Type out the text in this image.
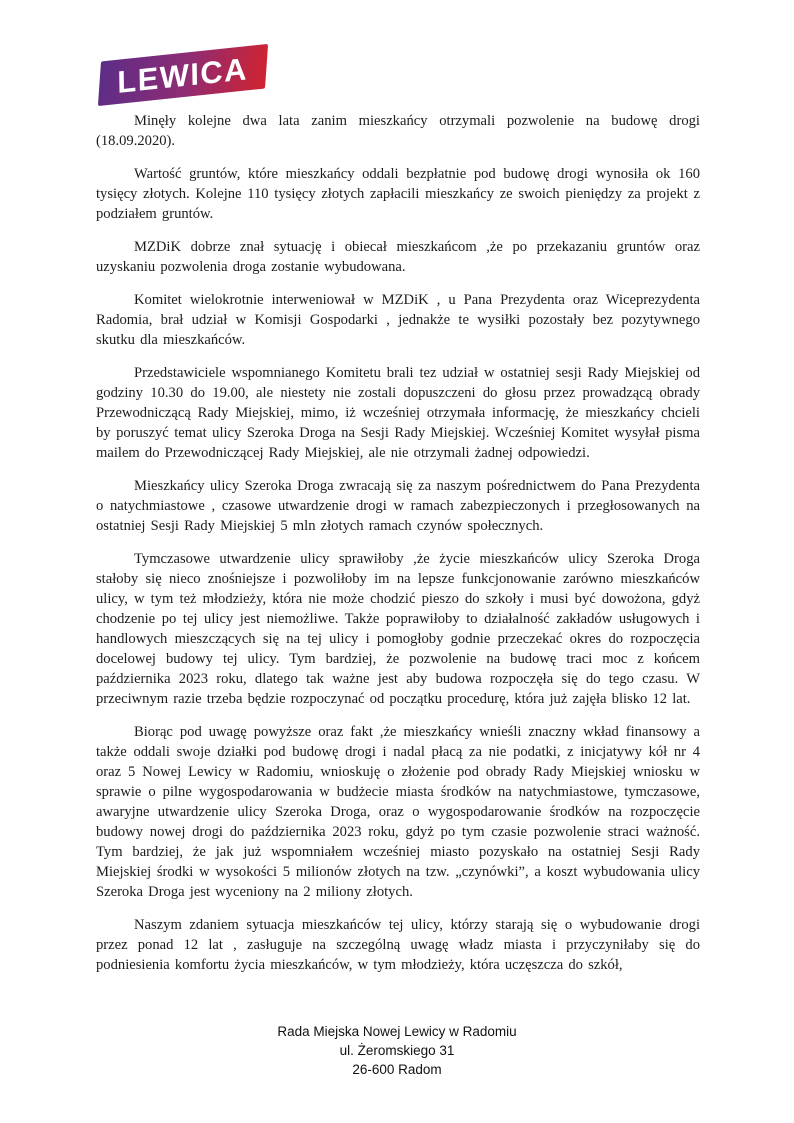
LEWICA

Minęły kolejne dwa lata zanim mieszkańcy otrzymali pozwolenie na budowę drogi (18.09.2020).

Wartość gruntów, które mieszkańcy oddali bezpłatnie pod budowę drogi wynosiła ok 160 tysięcy złotych. Kolejne 110 tysięcy złotych zapłacili mieszkańcy ze swoich pieniędzy za projekt z podziałem gruntów.

MZDiK dobrze znał sytuację i obiecał mieszkańcom ,że po przekazaniu gruntów oraz uzyskaniu pozwolenia droga zostanie wybudowana.

Komitet wielokrotnie interweniował w MZDiK , u Pana Prezydenta oraz Wiceprezydenta Radomia, brał udział w Komisji Gospodarki , jednakże te wysiłki pozostały bez pozytywnego skutku dla mieszkańców.

Przedstawiciele wspomnianego Komitetu brali tez udział w ostatniej sesji Rady Miejskiej od godziny 10.30 do 19.00, ale niestety nie zostali dopuszczeni do głosu przez prowadzącą obrady Przewodniczącą Rady Miejskiej, mimo, iż wcześniej otrzymała informację, że mieszkańcy chcieli by poruszyć temat ulicy Szeroka Droga na Sesji Rady Miejskiej. Wcześniej Komitet wysyłał pisma mailem do Przewodniczącej Rady Miejskiej, ale nie otrzymali żadnej odpowiedzi.

Mieszkańcy ulicy Szeroka Droga zwracają się za naszym pośrednictwem do Pana Prezydenta o natychmiastowe , czasowe utwardzenie drogi w ramach zabezpieczonych i przegłosowanych na ostatniej Sesji Rady Miejskiej 5 mln złotych ramach czynów społecznych.

Tymczasowe utwardzenie ulicy sprawiłoby ,że życie mieszkańców ulicy Szeroka Droga stałoby się nieco znośniejsze i pozwoliłoby im na lepsze funkcjonowanie zarówno mieszkańców ulicy, w tym też młodzieży, która nie może chodzić pieszo do szkoły i musi być dowożona, gdyż chodzenie po tej ulicy jest niemożliwe. Także poprawiłoby to działalność zakładów usługowych i handlowych mieszczących się na tej ulicy i pomogłoby godnie przeczekać okres do rozpoczęcia docelowej budowy tej ulicy. Tym bardziej, że pozwolenie na budowę traci moc z końcem października 2023 roku, dlatego tak ważne jest aby budowa rozpoczęła się do tego czasu. W przeciwnym razie trzeba będzie rozpoczynać od początku procedurę, która już zajęła blisko 12 lat.

Biorąc pod uwagę powyższe oraz fakt ,że mieszkańcy wnieśli znaczny wkład finansowy a także oddali swoje działki pod budowę drogi i nadal płacą za nie podatki, z inicjatywy kół nr 4 oraz 5 Nowej Lewicy w Radomiu, wnioskuję o złożenie pod obrady Rady Miejskiej wniosku w sprawie o pilne wygospodarowania w budżecie miasta środków na natychmiastowe, tymczasowe, awaryjne utwardzenie ulicy Szeroka Droga, oraz o wygospodarowanie środków na rozpoczęcie budowy nowej drogi do października 2023 roku, gdyż po tym czasie pozwolenie straci ważność. Tym bardziej, że jak już wspomniałem wcześniej miasto pozyskało na ostatniej Sesji Rady Miejskiej środki w wysokości 5 milionów złotych na tzw. „czynówki”, a koszt wybudowania ulicy Szeroka Droga jest wyceniony na 2 miliony złotych.

Naszym zdaniem sytuacja mieszkańców tej ulicy, którzy starają się o wybudowanie drogi przez ponad 12 lat , zasługuje na szczególną uwagę władz miasta i przyczyniłaby się do podniesienia komfortu życia mieszkańców, w tym młodzieży, która uczęszcza do szkół,

Rada Miejska Nowej Lewicy w Radomiu
ul. Żeromskiego 31
26-600 Radom
